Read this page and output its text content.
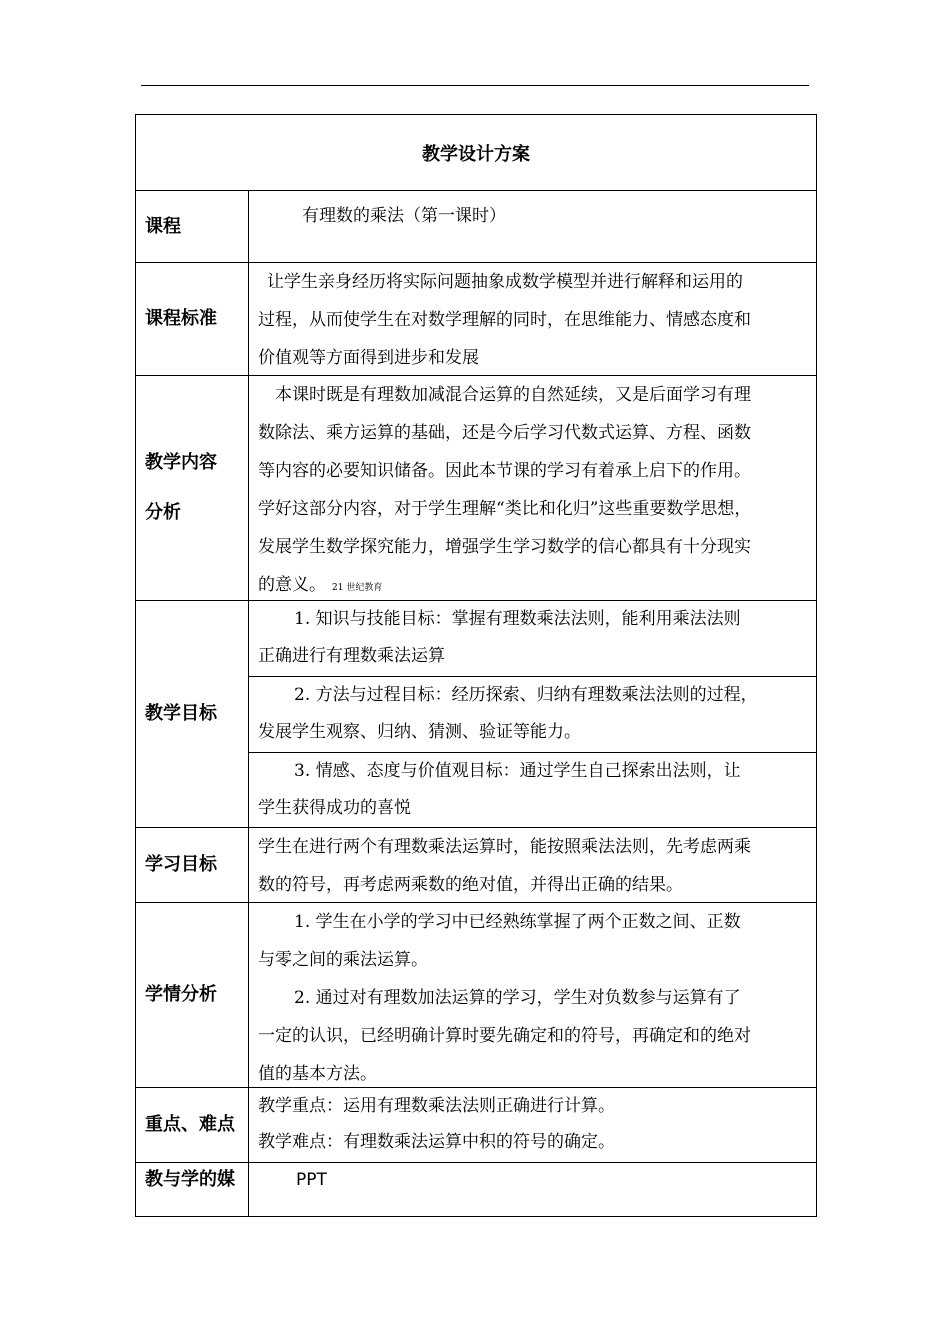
教学设计方案
课程	有理数的乘法（第一课时）
课程标准
让学生亲身经历将实际问题抽象成数学模型并进行解释和运用的
过程，从而使学生在对数学理解的同时，在思维能力、情感态度和
价值观等方面得到进步和发展
教学内容
分析
本课时既是有理数加减混合运算的自然延续，又是后面学习有理
数除法、乘方运算的基础，还是今后学习代数式运算、方程、函数
等内容的必要知识储备。因此本节课的学习有着承上启下的作用。
学好这部分内容，对于学生理解“类比和化归”这些重要数学思想，
发展学生数学探究能力，增强学生学习数学的信心都具有十分现实
的意义。 21 世纪教育
教学目标
1. 知识与技能目标：掌握有理数乘法法则，能利用乘法法则
正确进行有理数乘法运算
2. 方法与过程目标：经历探索、归纳有理数乘法法则的过程，
发展学生观察、归纳、猜测、验证等能力。
3. 情感、态度与价值观目标：通过学生自己探索出法则，让
学生获得成功的喜悦
学习目标
学生在进行两个有理数乘法运算时，能按照乘法法则，先考虑两乘
数的符号，再考虑两乘数的绝对值，并得出正确的结果。
学情分析
1. 学生在小学的学习中已经熟练掌握了两个正数之间、正数
与零之间的乘法运算。
2. 通过对有理数加法运算的学习，学生对负数参与运算有了
一定的认识，已经明确计算时要先确定和的符号，再确定和的绝对
值的基本方法。
重点、难点
教学重点：运用有理数乘法法则正确进行计算。
教学难点：有理数乘法运算中积的符号的确定。
教与学的媒	PPT
